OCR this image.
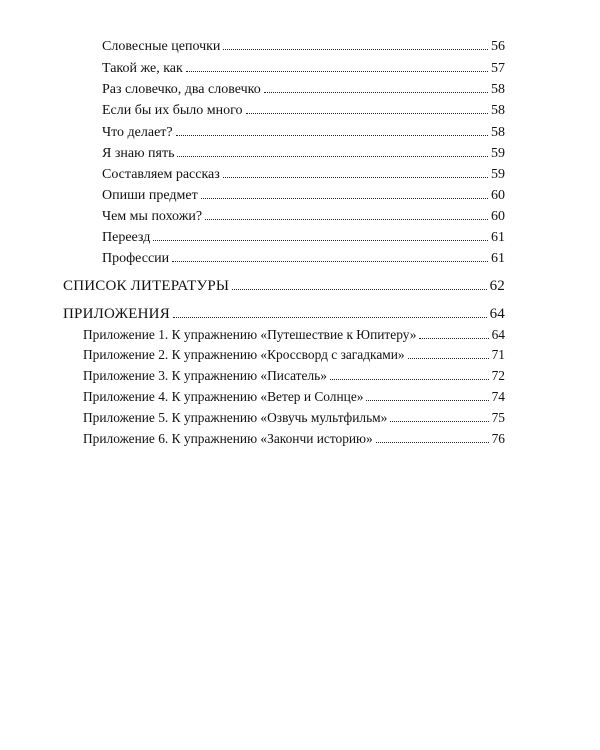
Словесные цепочки	56
Такой же, как	57
Раз словечко, два словечко	58
Если бы их было много	58
Что делает?	58
Я знаю пять	59
Составляем рассказ	59
Опиши предмет	60
Чем мы похожи?	60
Переезд	61
Профессии	61
СПИСОК ЛИТЕРАТУРЫ	62
ПРИЛОЖЕНИЯ	64
Приложение 1. К упражнению «Путешествие к Юпитеру»	64
Приложение 2. К упражнению «Кроссворд с загадками»	71
Приложение 3. К упражнению «Писатель»	72
Приложение 4. К упражнению «Ветер и Солнце»	74
Приложение 5. К упражнению «Озвучь мультфильм»	75
Приложение 6. К упражнению «Закончи историю»	76
